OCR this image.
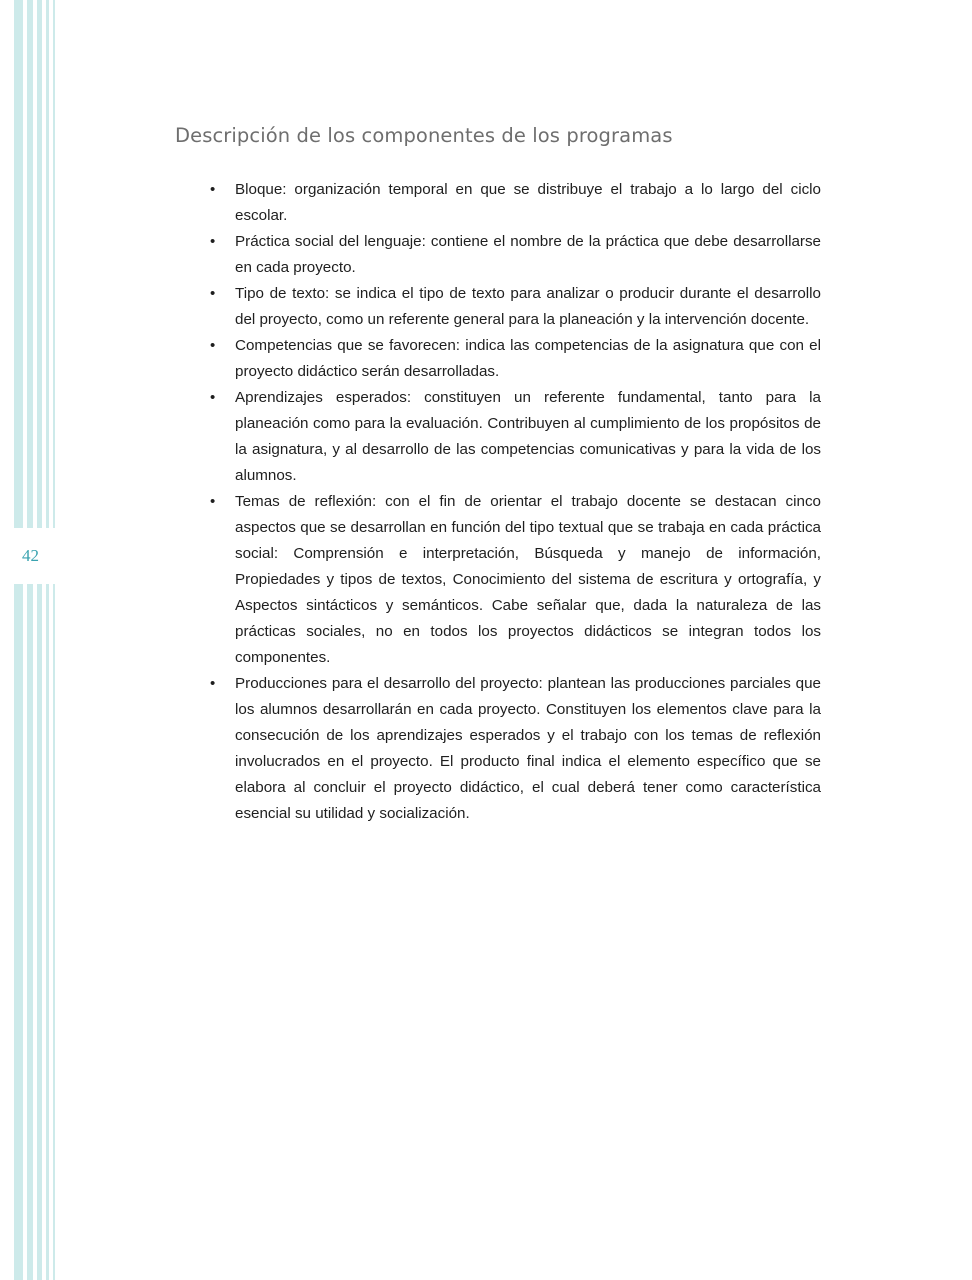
42
Descripción de los componentes de los programas
• Bloque: organización temporal en que se distribuye el trabajo a lo largo del ciclo escolar.
• Práctica social del lenguaje: contiene el nombre de la práctica que debe desarrollarse en cada proyecto.
• Tipo de texto: se indica el tipo de texto para analizar o producir durante el desarrollo del proyecto, como un referente general para la planeación y la intervención docente.
• Competencias que se favorecen: indica las competencias de la asignatura que con el proyecto didáctico serán desarrolladas.
• Aprendizajes esperados: constituyen un referente fundamental, tanto para la planeación como para la evaluación. Contribuyen al cumplimiento de los propósitos de la asignatura, y al desarrollo de las competencias comunicativas y para la vida de los alumnos.
• Temas de reflexión: con el fin de orientar el trabajo docente se destacan cinco aspectos que se desarrollan en función del tipo textual que se trabaja en cada práctica social: Comprensión e interpretación, Búsqueda y manejo de información, Propiedades y tipos de textos, Conocimiento del sistema de escritura y ortografía, y Aspectos sintácticos y semánticos. Cabe señalar que, dada la naturaleza de las prácticas sociales, no en todos los proyectos didácticos se integran todos los componentes.
• Producciones para el desarrollo del proyecto: plantean las producciones parciales que los alumnos desarrollarán en cada proyecto. Constituyen los elementos clave para la consecución de los aprendizajes esperados y el trabajo con los temas de reflexión involucrados en el proyecto. El producto final indica el elemento específico que se elabora al concluir el proyecto didáctico, el cual deberá tener como característica esencial su utilidad y socialización.
